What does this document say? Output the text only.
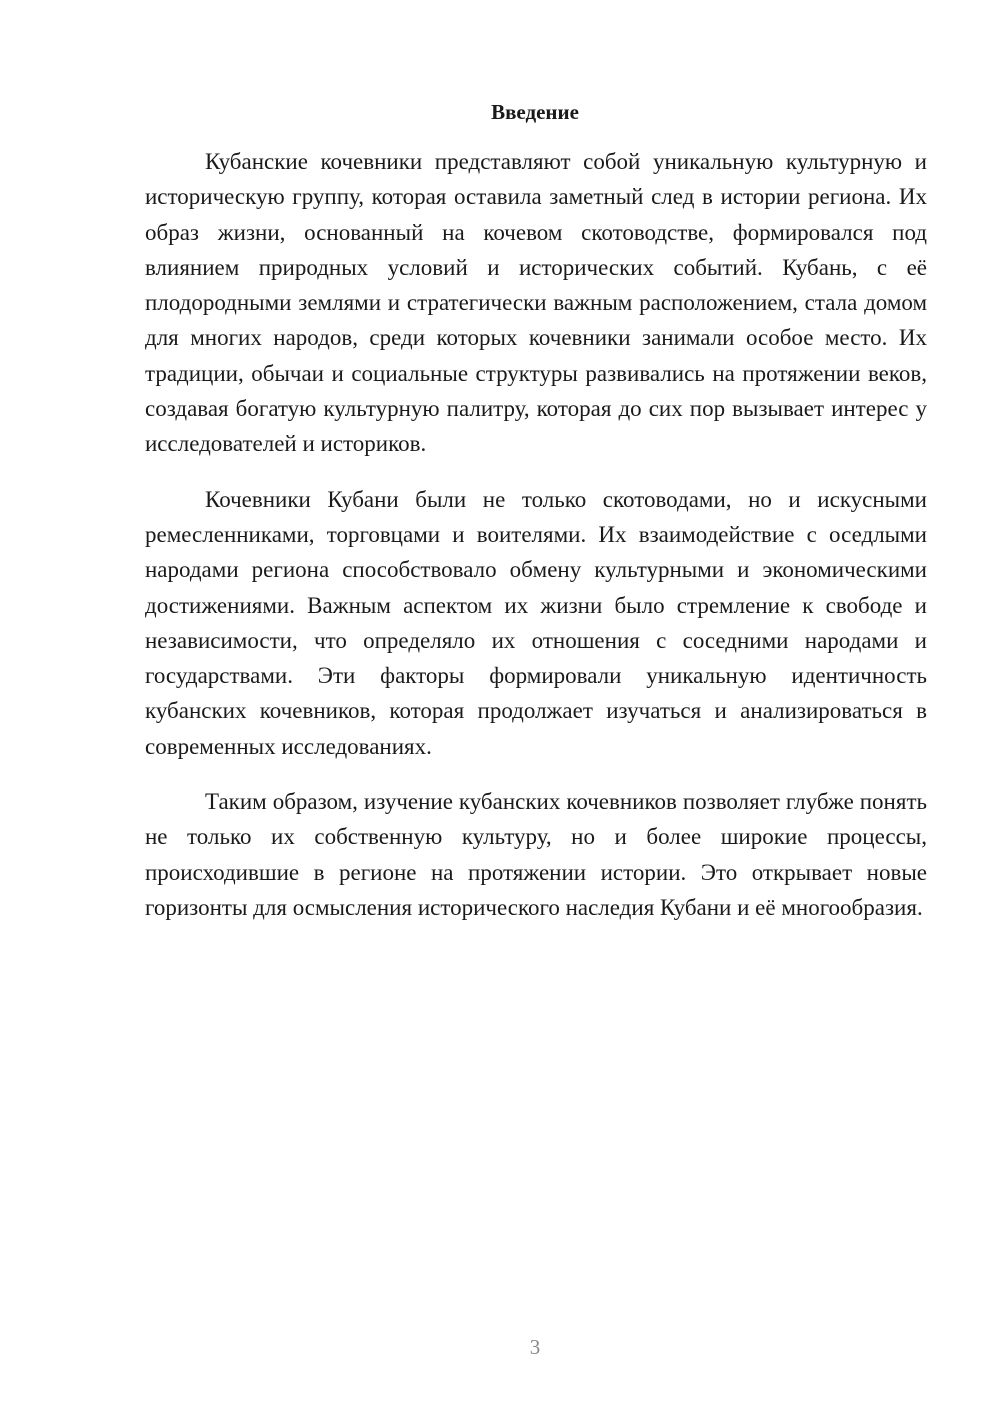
Введение

Кубанские кочевники представляют собой уникальную культурную и историческую группу, которая оставила заметный след в истории региона. Их образ жизни, основанный на кочевом скотоводстве, формировался под влиянием природных условий и исторических событий. Кубань, с её плодородными землями и стратегически важным расположением, стала домом для многих народов, среди которых кочевники занимали особое место. Их традиции, обычаи и социальные структуры развивались на протяжении веков, создавая богатую культурную палитру, которая до сих пор вызывает интерес у исследователей и историков.

Кочевники Кубани были не только скотоводами, но и искусными ремесленниками, торговцами и воителями. Их взаимодействие с оседлыми народами региона способствовало обмену культурными и экономическими достижениями. Важным аспектом их жизни было стремление к свободе и независимости, что определяло их отношения с соседними народами и государствами. Эти факторы формировали уникальную идентичность кубанских кочевников, которая продолжает изучаться и анализироваться в современных исследованиях.

Таким образом, изучение кубанских кочевников позволяет глубже понять не только их собственную культуру, но и более широкие процессы, происходившие в регионе на протяжении истории. Это открывает новые горизонты для осмысления исторического наследия Кубани и её многообразия.

3
